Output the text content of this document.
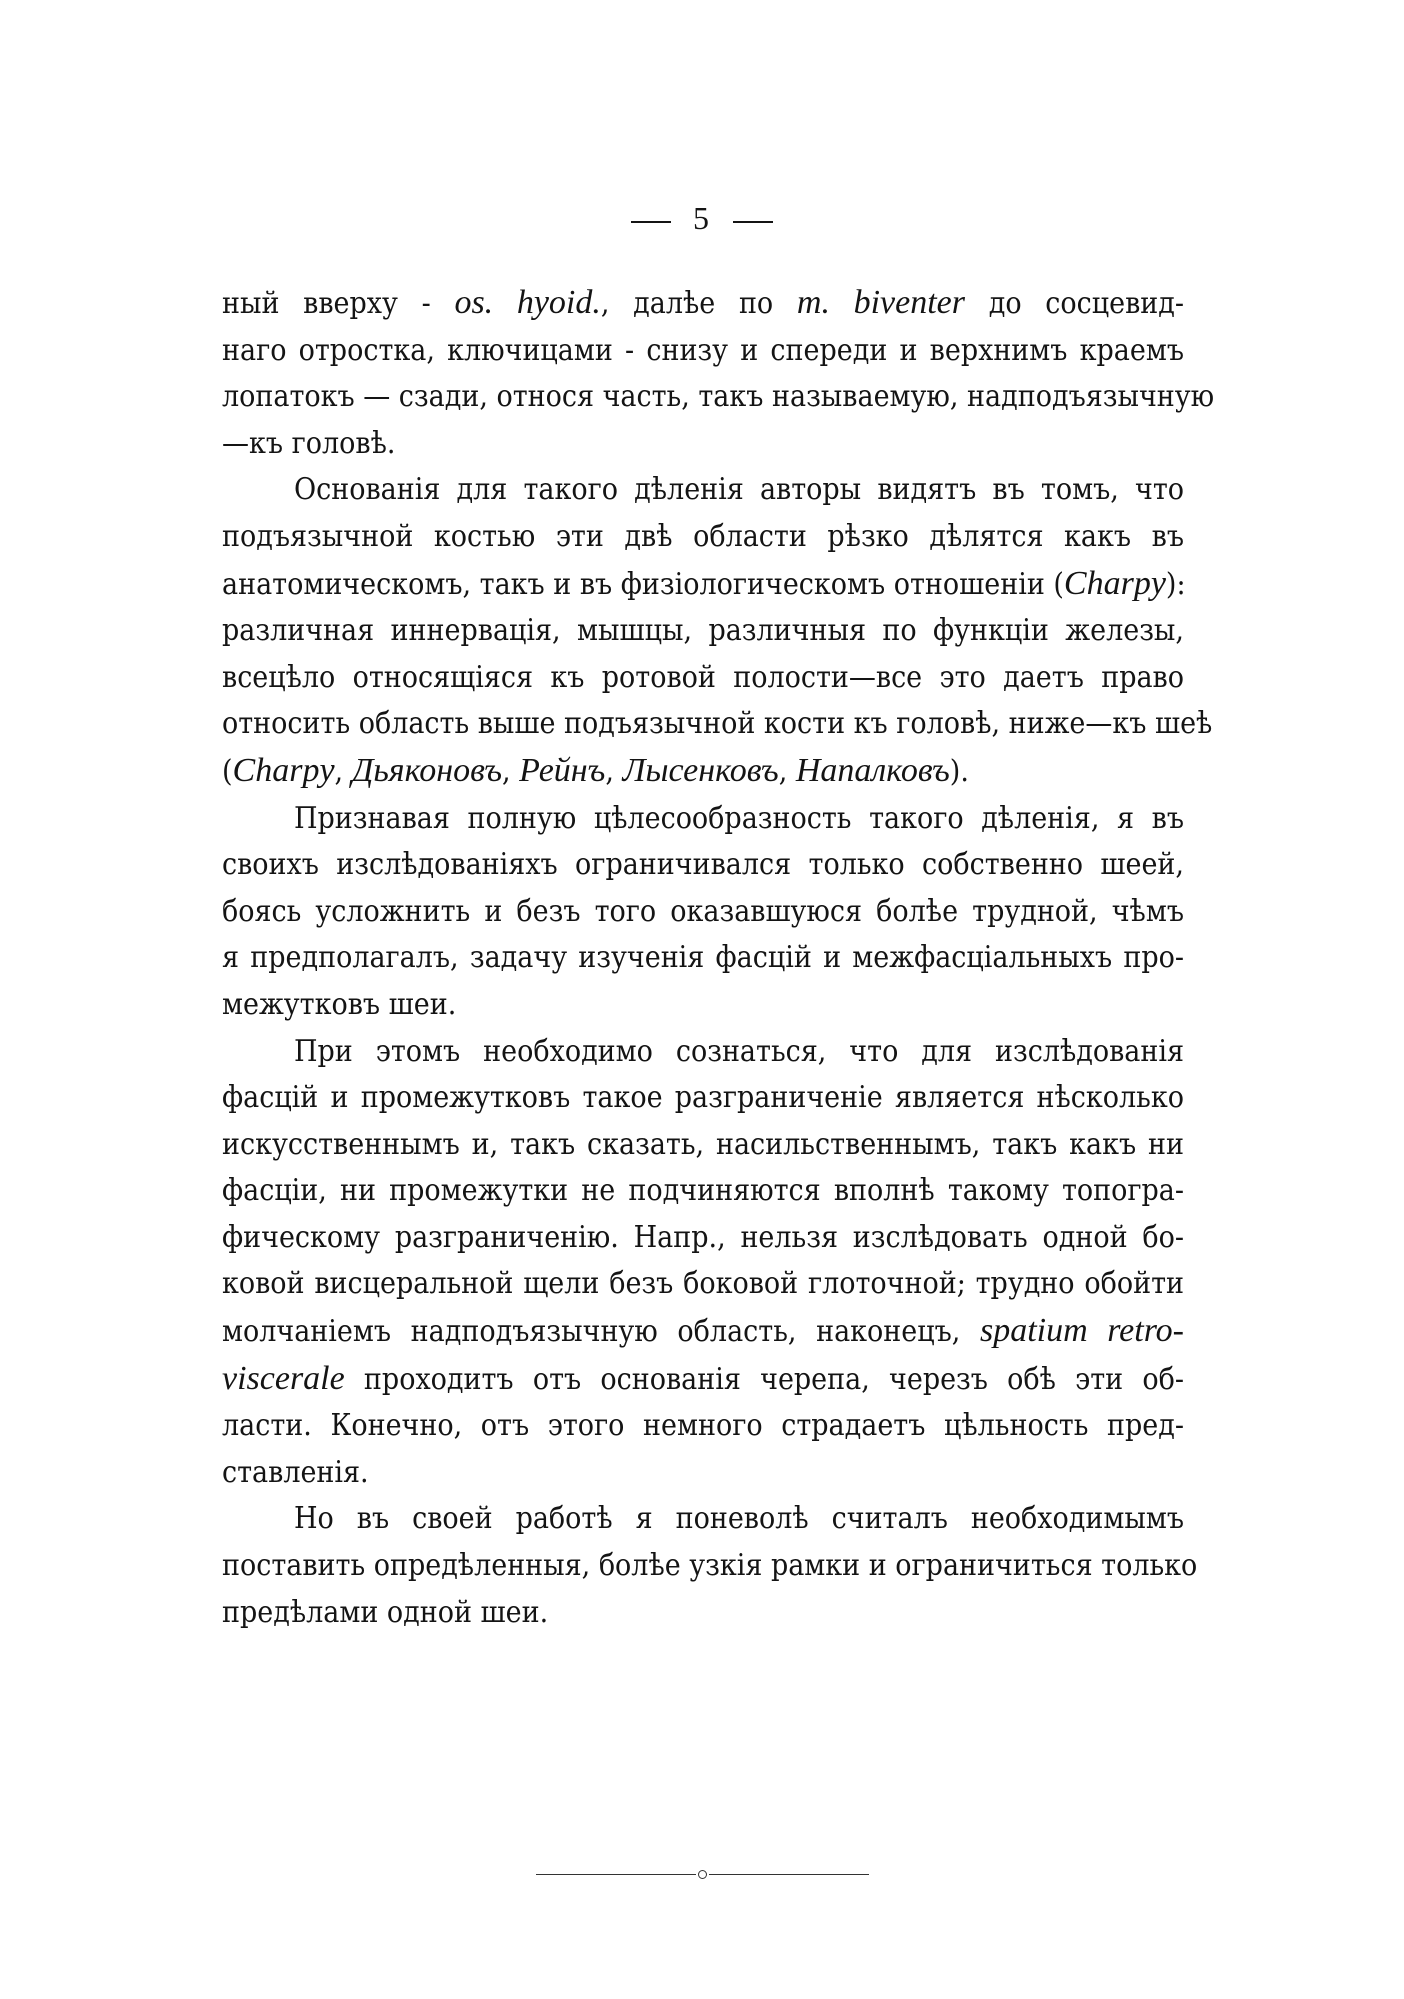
5

ный вверху - os. hyoid., далѣе по m. biventer до сосцевид-
наго отростка, ключицами - снизу и спереди и верхнимъ краемъ
лопатокъ — сзади, относя часть, такъ называемую, надподъязычную
—къ головѣ.

Основанія для такого дѣленія авторы видятъ въ томъ, что
подъязычной костью эти двѣ области рѣзко дѣлятся какъ въ
анатомическомъ, такъ и въ физіологическомъ отношеніи (Charpy):
различная иннервація, мышцы, различныя по функціи железы,
всецѣло относящіяся къ ротовой полости—все это даетъ право
относить область выше подъязычной кости къ головѣ, ниже—къ шеѣ
(Charpy, Дьяконовъ, Рейнъ, Лысенковъ, Напалковъ).

Признавая полную цѣлесообразность такого дѣленія, я въ
своихъ изслѣдованіяхъ ограничивался только собственно шеей,
боясь усложнить и безъ того оказавшуюся болѣе трудной, чѣмъ
я предполагалъ, задачу изученія фасцій и межфасціальныхъ про-
межутковъ шеи.

При этомъ необходимо сознаться, что для изслѣдованія
фасцій и промежутковъ такое разграниченіе является нѣсколько
искусственнымъ и, такъ сказать, насильственнымъ, такъ какъ ни
фасціи, ни промежутки не подчиняются вполнѣ такому топогра-
фическому разграниченію. Напр., нельзя изслѣдовать одной бо-
ковой висцеральной щели безъ боковой глоточной; трудно обойти
молчаніемъ надподъязычную область, наконецъ, spatium retro-
viscerale проходитъ отъ основанія черепа, черезъ обѣ эти об-
ласти. Конечно, отъ этого немного страдаетъ цѣльность пред-
ставленія.

Но въ своей работѣ я поневолѣ считалъ необходимымъ
поставить опредѣленныя, болѣе узкія рамки и ограничиться только
предѣлами одной шеи.
